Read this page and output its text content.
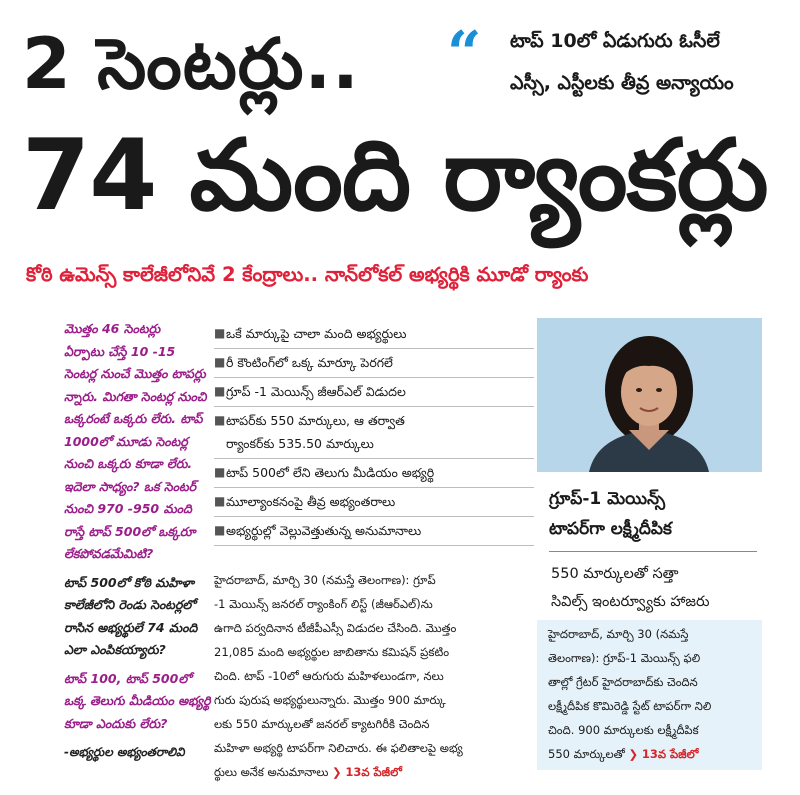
2 సెంటర్లు..
74 మంది ర్యాంకర్లు
“ టాప్ 10లో ఏడుగురు ఓసీలే
ఎస్సీ, ఎస్టీలకు తీవ్ర అన్యాయం
కోఠి ఉమెన్స్ కాలేజీలోనివే 2 కేంద్రాలు.. నాన్‌లోకల్ అభ్యర్థికి మూడో ర్యాంకు
మొత్తం 46 సెంటర్లు
ఏర్పాటు చేస్తే 10 -15
సెంటర్ల నుంచే మొత్తం టాపర్లు
న్నారు. మిగతా సెంటర్ల నుంచి
ఒక్కరంటే ఒక్కరు లేరు. టాప్
1000లో మూడు సెంటర్ల
నుంచి ఒక్కరు కూడా లేరు.
ఇదెలా సాధ్యం? ఒక సెంటర్
నుంచి 970 -950 మంది
రాస్తే టాప్ 500లో ఒక్కరూ
లేకపోవడమేమిటి?
టాప్ 500లో కోఠి మహిళా
కాలేజీలోని రెండు సెంటర్లలో
రాసిన అభ్యర్థులే 74 మంది
ఎలా ఎంపికయ్యారు?
టాప్ 100, టాప్ 500లో
ఒక్క తెలుగు మీడియం అభ్యర్థి
కూడా ఎందుకు లేరు?
-అభ్యర్థుల అభ్యంతరాలివి
■ ఒకే మార్కుపై చాలా మంది అభ్యర్థులు
■ రీ కౌంటింగ్‌లో ఒక్క మార్కూ పెరగలే
■ గ్రూప్ -1 మెయిన్స్ జీఆర్‌ఎల్ విడుదల
■ టాపర్‌కు 550 మార్కులు, ఆ తర్వాత
ర్యాంకర్‌కు 535.50 మార్కులు
■ టాప్ 500లో లేని తెలుగు మీడియం అభ్యర్థి
■ మూల్యాంకనంపై తీవ్ర అభ్యంతరాలు
■ అభ్యర్థుల్లో వెల్లువెత్తుతున్న అనుమానాలు
హైదరాబాద్, మార్చి 30 (నమస్తే తెలంగాణ): గ్రూప్
-1 మెయిన్స్ జనరల్ ర్యాంకింగ్ లిస్ట్ (జీఆర్‌ఎల్)ను
ఉగాది పర్వదినాన టీజీపీఎస్సీ విడుదల చేసింది. మొత్తం
21,085 మంది అభ్యర్థుల జాబితాను కమిషన్ ప్రకటిం
చింది. టాప్ -10లో ఆరుగురు మహిళలుండగా, నలు
గురు పురుష అభ్యర్థులున్నారు. మొత్తం 900 మార్కు
లకు 550 మార్కులతో జనరల్ క్యాటగిరీకి చెందిన
మహిళా అభ్యర్థి టాపర్‌గా నిలిచారు. ఈ ఫలితాలపై అభ్య
ర్థులు అనేక అనుమానాలు ❯ 13వ పేజీలో
గ్రూప్-1 మెయిన్స్
టాపర్‌గా లక్ష్మీదీపిక
550 మార్కులతో సత్తా
సివిల్స్ ఇంటర్వ్యూకు హాజరు
హైదరాబాద్, మార్చి 30 (నమస్తే
తెలంగాణ): గ్రూప్-1 మెయిన్స్ ఫలి
తాల్లో గ్రేటర్ హైదరాబాద్‌కు చెందిన
లక్ష్మీదీపిక కొమిరెడ్డి స్టేట్ టాపర్‌గా నిలి
చింది. 900 మార్కులకు లక్ష్మీదీపిక
550 మార్కులతో ❯ 13వ పేజీలో
